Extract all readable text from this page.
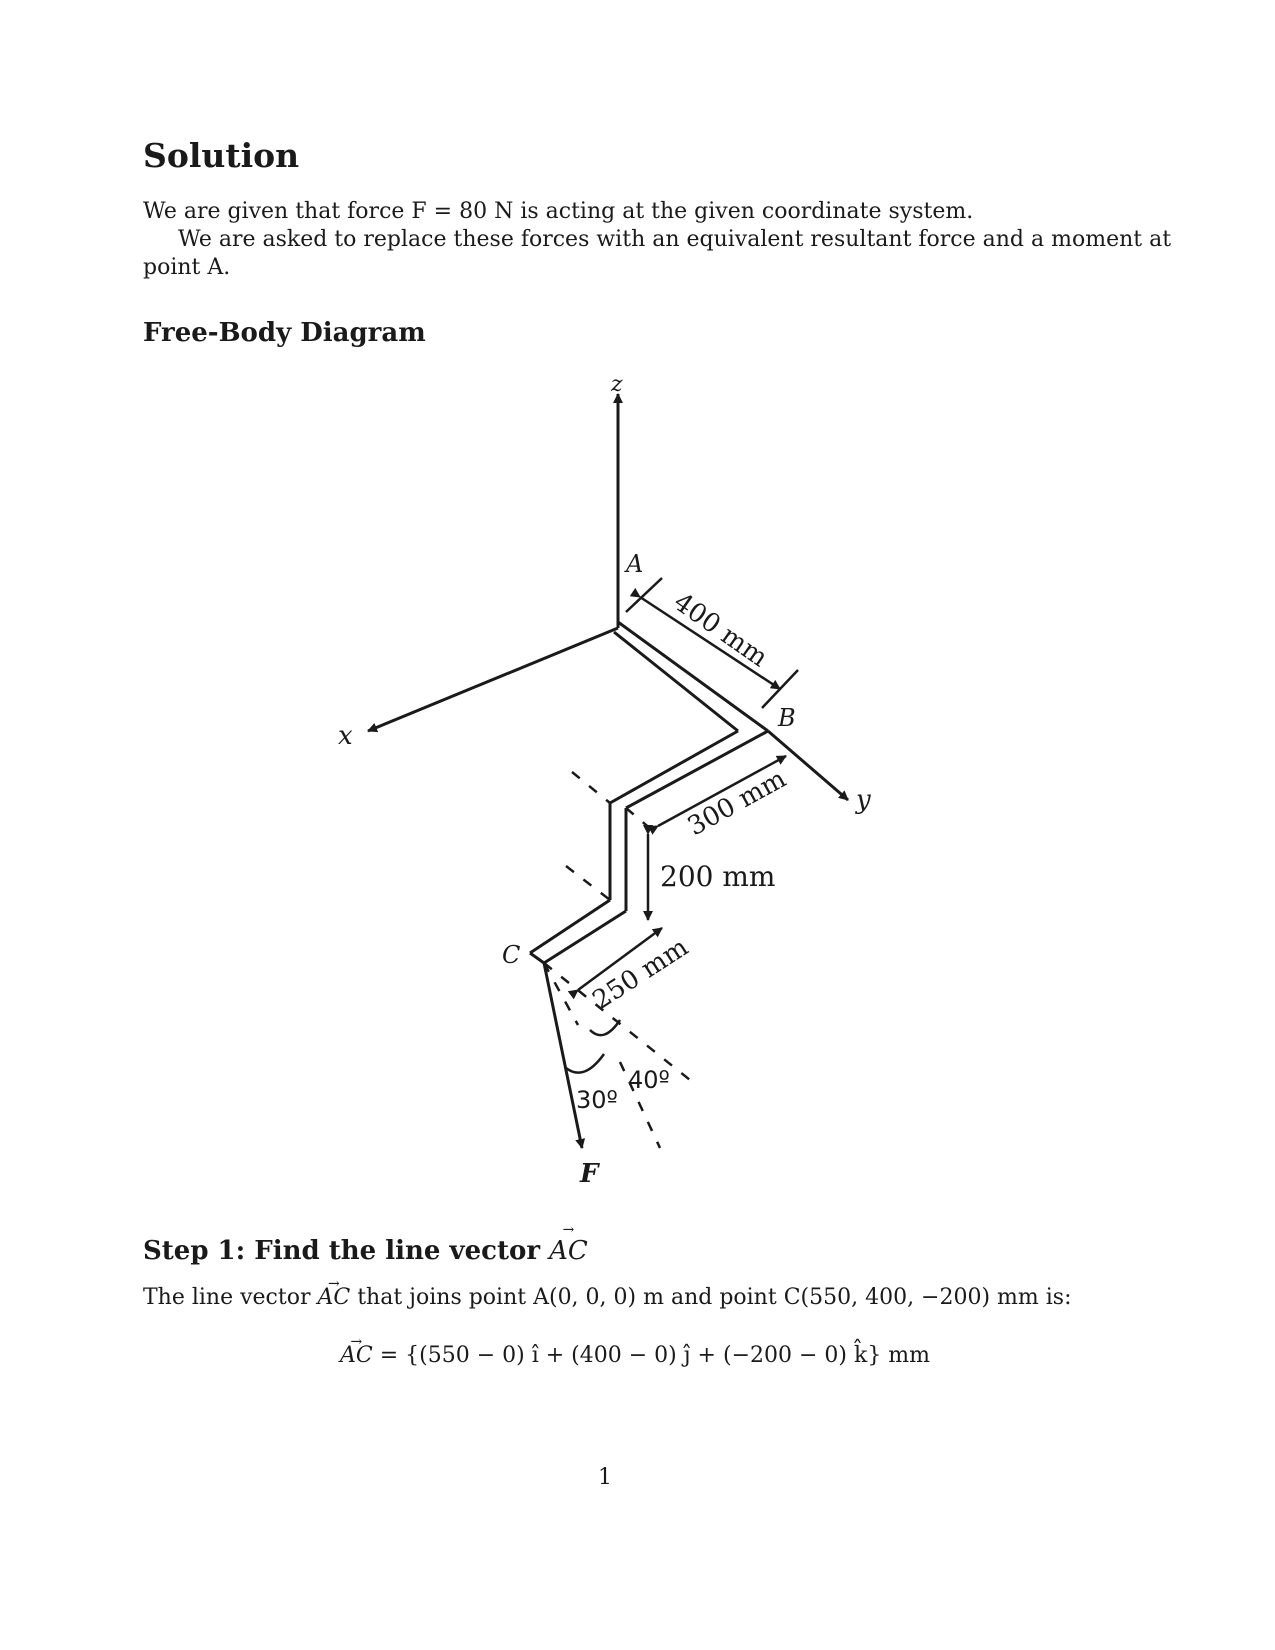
Solution
We are given that force F = 80 N is acting at the given coordinate system.
We are asked to replace these forces with an equivalent resultant force and a moment at
point A.
Free-Body Diagram
z
x
y
A
B
C
F
400 mm
300 mm
200 mm
250 mm
30º
40º
Step 1: Find the line vector → AC
The line vector → AC that joins point A(0, 0, 0) m and point C(550, 400, −200) mm is:
→ AC = {(550 − 0) î + (400 − 0) ĵ + (−200 − 0) k̂} mm
1
